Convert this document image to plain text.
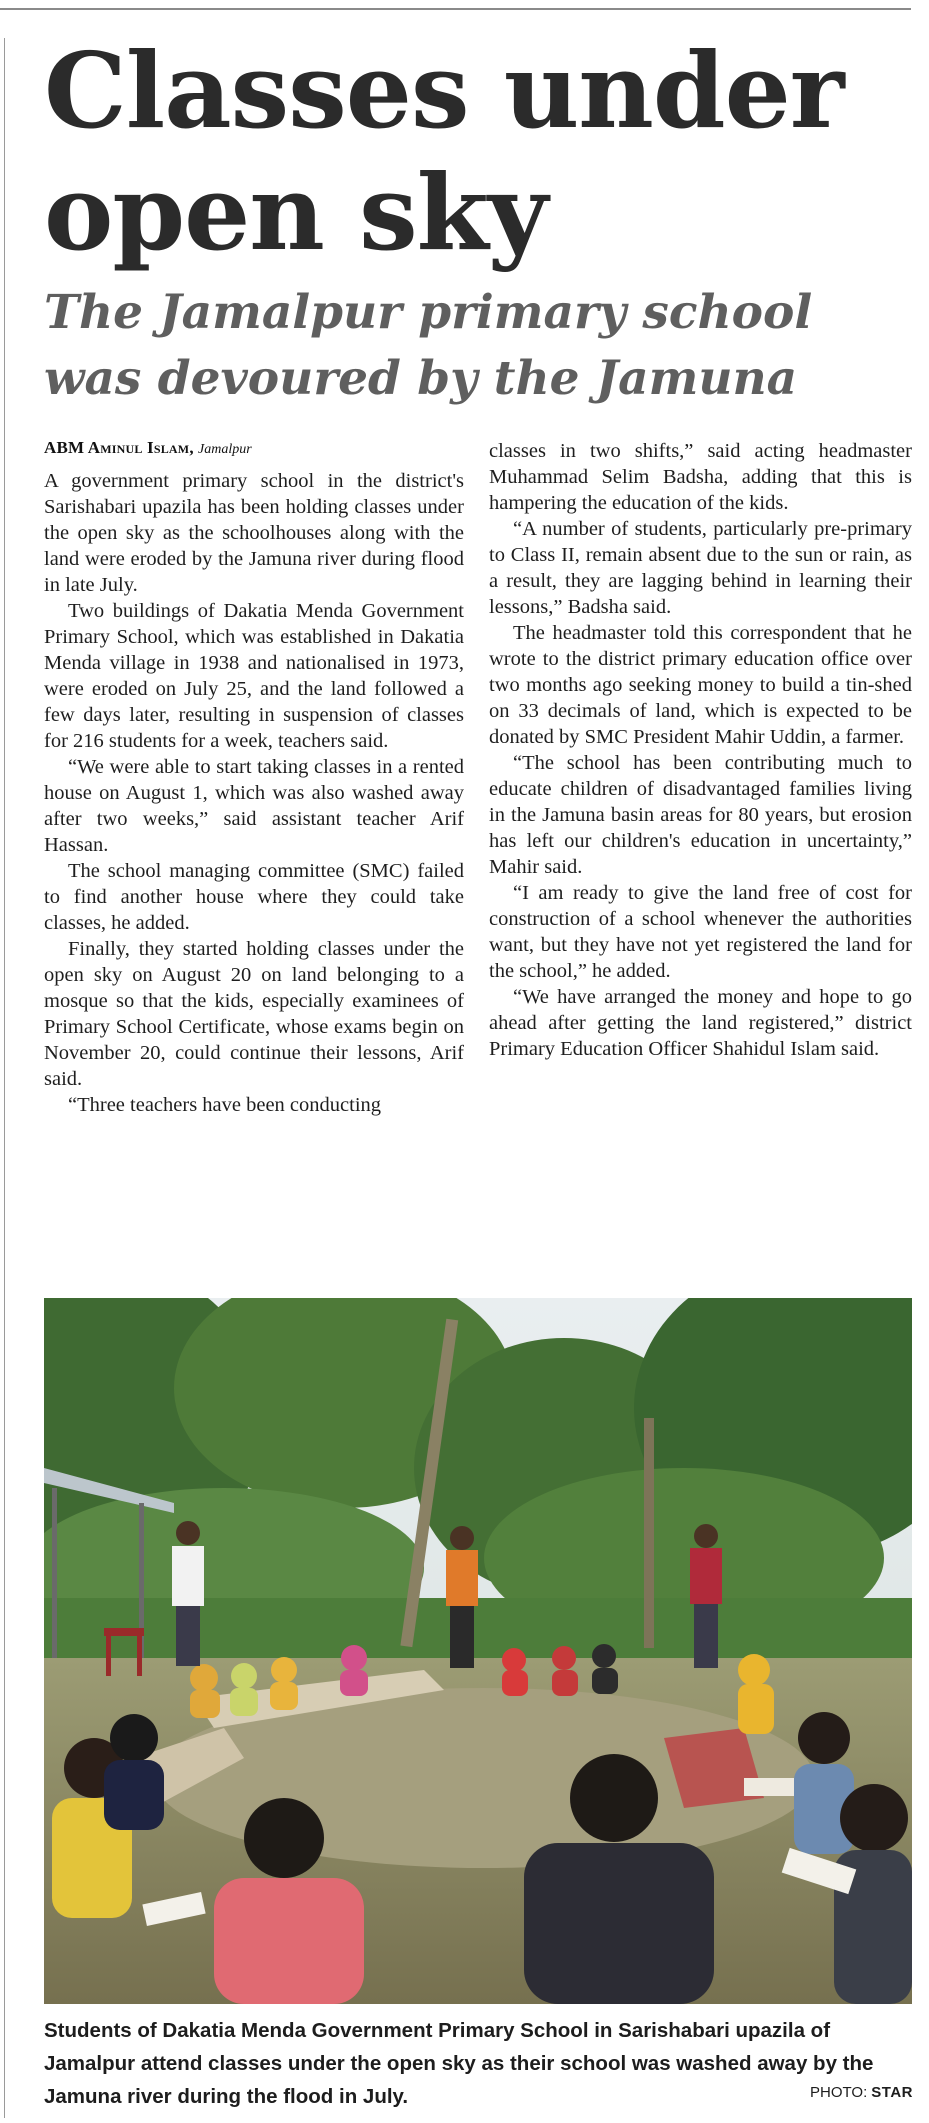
Classes under open sky
The Jamalpur primary school was devoured by the Jamuna
ABM Aminul Islam, Jamalpur

A government primary school in the district's Sarishabari upazila has been holding classes under the open sky as the schoolhouses along with the land were eroded by the Jamuna river during flood in late July.

Two buildings of Dakatia Menda Government Primary School, which was established in Dakatia Menda village in 1938 and nationalised in 1973, were eroded on July 25, and the land followed a few days later, resulting in suspension of classes for 216 students for a week, teachers said.

“We were able to start taking classes in a rented house on August 1, which was also washed away after two weeks,” said assistant teacher Arif Hassan.

The school managing committee (SMC) failed to find another house where they could take classes, he added.

Finally, they started holding classes under the open sky on August 20 on land belonging to a mosque so that the kids, especially examinees of Primary School Certificate, whose exams begin on November 20, could continue their lessons, Arif said.

“Three teachers have been conducting

classes in two shifts,” said acting headmaster Muhammad Selim Badsha, adding that this is hampering the education of the kids.

“A number of students, particularly pre-primary to Class II, remain absent due to the sun or rain, as a result, they are lagging behind in learning their lessons,” Badsha said.

The headmaster told this correspondent that he wrote to the district primary education office over two months ago seeking money to build a tin-shed on 33 decimals of land, which is expected to be donated by SMC President Mahir Uddin, a farmer.

“The school has been contributing much to educate children of disadvantaged families living in the Jamuna basin areas for 80 years, but erosion has left our children's education in uncertainty,” Mahir said.

“I am ready to give the land free of cost for construction of a school whenever the authorities want, but they have not yet registered the land for the school,” he added.

“We have arranged the money and hope to go ahead after getting the land registered,” district Primary Education Officer Shahidul Islam said.

Students of Dakatia Menda Government Primary School in Sarishabari upazila of Jamalpur attend classes under the open sky as their school was washed away by the Jamuna river during the flood in July.	PHOTO: STAR
